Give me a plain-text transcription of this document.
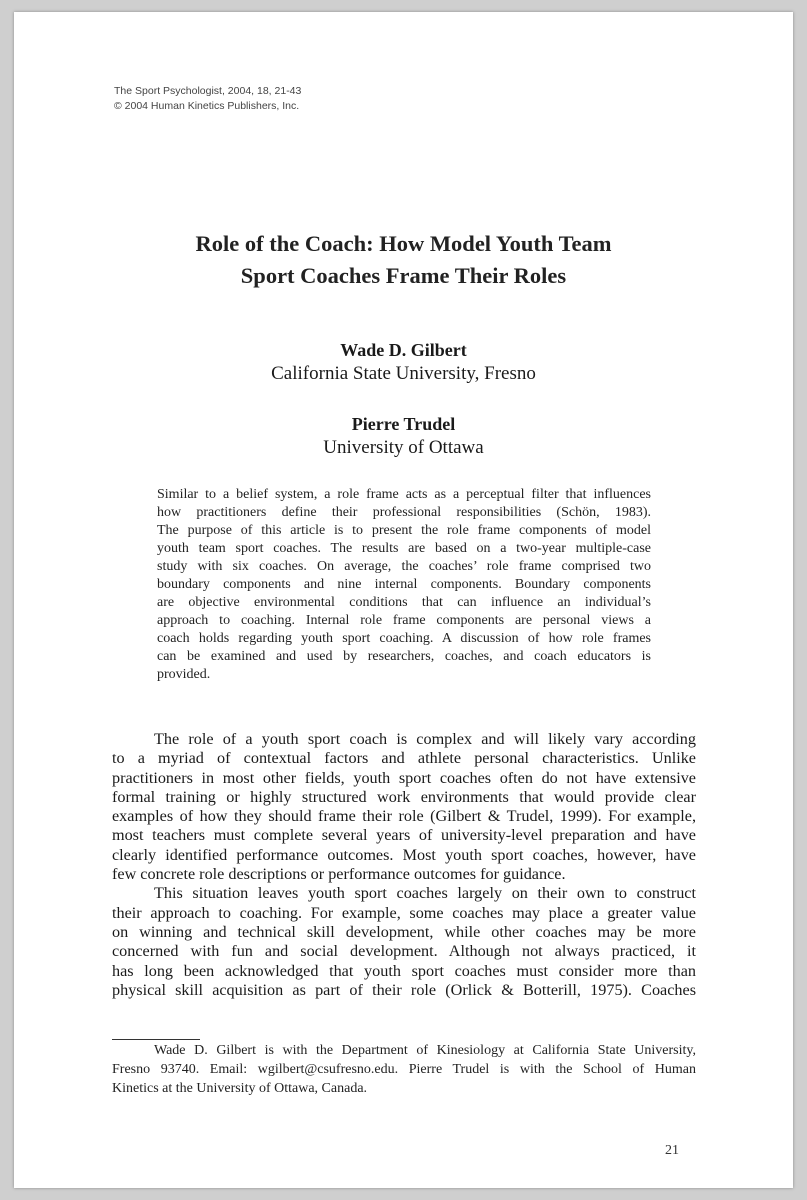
The Sport Psychologist, 2004, 18, 21-43
© 2004 Human Kinetics Publishers, Inc.
Role of the Coach: How Model Youth Team
Sport Coaches Frame Their Roles
Wade D. Gilbert
California State University, Fresno
Pierre Trudel
University of Ottawa
Similar to a belief system, a role frame acts as a perceptual filter that influences
how practitioners define their professional responsibilities (Schön, 1983).
The purpose of this article is to present the role frame components of model
youth team sport coaches. The results are based on a two-year multiple-case
study with six coaches. On average, the coaches’ role frame comprised two
boundary components and nine internal components. Boundary components
are objective environmental conditions that can influence an individual’s
approach to coaching. Internal role frame components are personal views a
coach holds regarding youth sport coaching. A discussion of how role frames
can be examined and used by researchers, coaches, and coach educators is
provided.
The role of a youth sport coach is complex and will likely vary according
to a myriad of contextual factors and athlete personal characteristics. Unlike
practitioners in most other fields, youth sport coaches often do not have extensive
formal training or highly structured work environments that would provide clear
examples of how they should frame their role (Gilbert & Trudel, 1999). For example,
most teachers must complete several years of university-level preparation and have
clearly identified performance outcomes. Most youth sport coaches, however, have
few concrete role descriptions or performance outcomes for guidance.
This situation leaves youth sport coaches largely on their own to construct
their approach to coaching. For example, some coaches may place a greater value
on winning and technical skill development, while other coaches may be more
concerned with fun and social development. Although not always practiced, it
has long been acknowledged that youth sport coaches must consider more than
physical skill acquisition as part of their role (Orlick & Botterill, 1975). Coaches
Wade D. Gilbert is with the Department of Kinesiology at California State University,
Fresno 93740. Email: wgilbert@csufresno.edu. Pierre Trudel is with the School of Human
Kinetics at the University of Ottawa, Canada.
21
